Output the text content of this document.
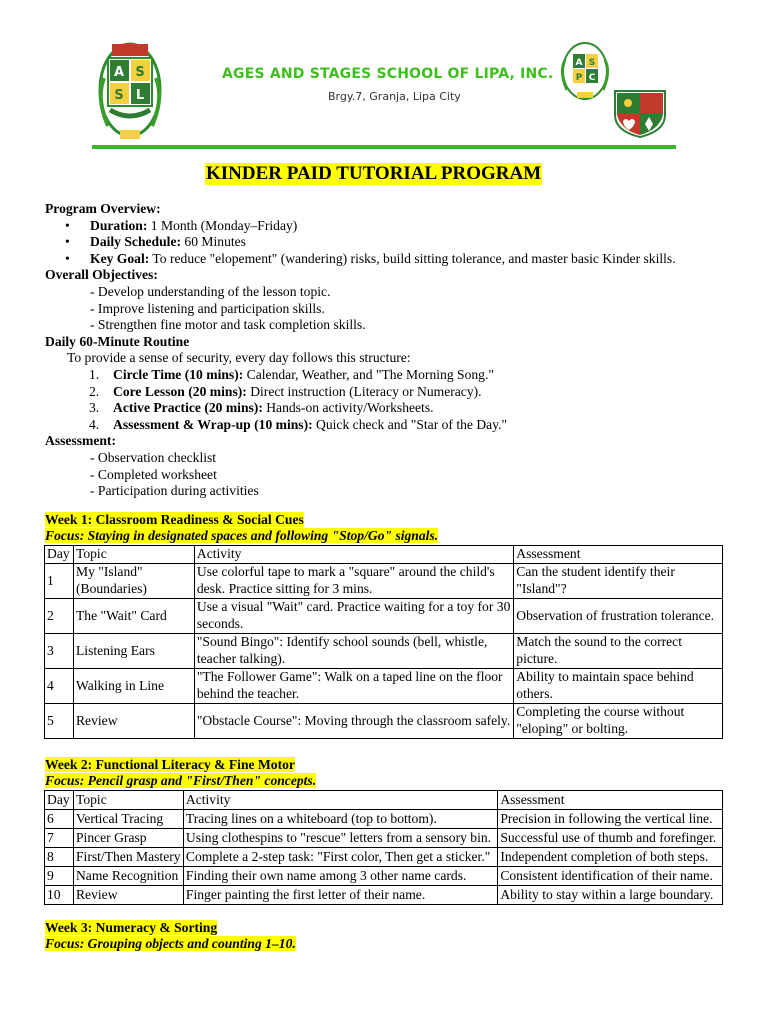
A S
S L
AGES AND STAGES SCHOOL OF LIPA, INC.
Brgy.7, Granja, Lipa City
A S
P C
KINDER PAID TUTORIAL PROGRAM
Program Overview:
• Duration: 1 Month (Monday–Friday)
• Daily Schedule: 60 Minutes
• Key Goal: To reduce "elopement" (wandering) risks, build sitting tolerance, and master basic Kinder skills.
Overall Objectives:
- Develop understanding of the lesson topic.
- Improve listening and participation skills.
- Strengthen fine motor and task completion skills.
Daily 60-Minute Routine
To provide a sense of security, every day follows this structure:
1. Circle Time (10 mins): Calendar, Weather, and "The Morning Song."
2. Core Lesson (20 mins): Direct instruction (Literacy or Numeracy).
3. Active Practice (20 mins): Hands-on activity/Worksheets.
4. Assessment & Wrap-up (10 mins): Quick check and "Star of the Day."
Assessment:
- Observation checklist
- Completed worksheet
- Participation during activities
Week 1: Classroom Readiness & Social Cues
Focus: Staying in designated spaces and following "Stop/Go" signals.
Day	Topic	Activity	Assessment
1	My "Island" (Boundaries)	Use colorful tape to mark a "square" around the child's desk. Practice sitting for 3 mins.	Can the student identify their "Island"?
2	The "Wait" Card	Use a visual "Wait" card. Practice waiting for a toy for 30 seconds.	Observation of frustration tolerance.
3	Listening Ears	"Sound Bingo": Identify school sounds (bell, whistle, teacher talking).	Match the sound to the correct picture.
4	Walking in Line	"The Follower Game": Walk on a taped line on the floor behind the teacher.	Ability to maintain space behind others.
5	Review	"Obstacle Course": Moving through the classroom safely.	Completing the course without "eloping" or bolting.
Week 2: Functional Literacy & Fine Motor
Focus: Pencil grasp and "First/Then" concepts.
Day	Topic	Activity	Assessment
6	Vertical Tracing	Tracing lines on a whiteboard (top to bottom).	Precision in following the vertical line.
7	Pincer Grasp	Using clothespins to "rescue" letters from a sensory bin.	Successful use of thumb and forefinger.
8	First/Then Mastery	Complete a 2-step task: "First color, Then get a sticker."	Independent completion of both steps.
9	Name Recognition	Finding their own name among 3 other name cards.	Consistent identification of their name.
10	Review	Finger painting the first letter of their name.	Ability to stay within a large boundary.
Week 3: Numeracy & Sorting
Focus: Grouping objects and counting 1–10.
